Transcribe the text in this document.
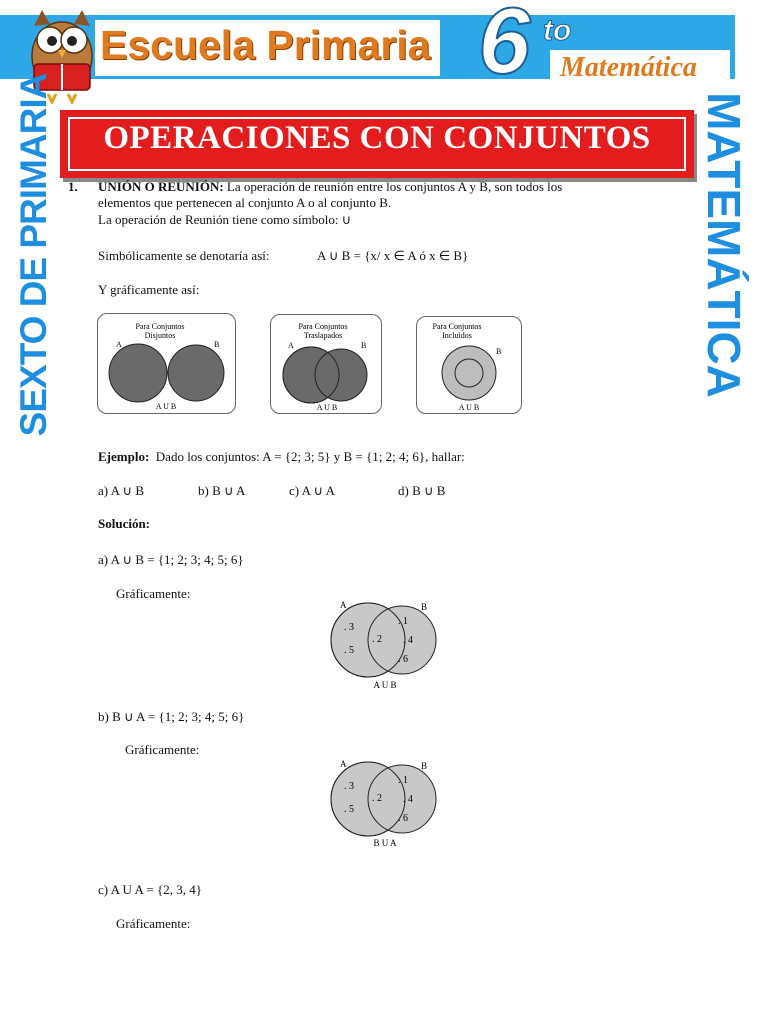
Escuela Primaria 6 to
Matemática
SEXTO DE PRIMARIA	MATEMÁTICA
OPERACIONES CON CONJUNTOS
1. UNIÓN O REUNIÓN: La operación de reunión entre los conjuntos A y B, son todos los
elementos que pertenecen al conjunto A o al conjunto B.
La operación de Reunión tiene como símbolo: ∪
Simbólicamente se denotaría así:	A ∪ B = {x/ x ∈ A ó x ∈ B}
Y gráficamente así:
Para Conjuntos
Disjuntos
A	B
A U B
Para Conjuntos
Traslapados
A	B
A U B
Para Conjuntos
Incluidos
B
A U B
Ejemplo: Dado los conjuntos: A = {2; 3; 5} y B = {1; 2; 4; 6}, hallar:
a) A ∪ B	b) B ∪ A	c) A ∪ A	d) B ∪ B
Solución:
a) A ∪ B = {1; 2; 3; 4; 5; 6}
Gráficamente:
A	B
. 3
. 5
. 2
. 1
. 4
. 6
A U B
b) B ∪ A = {1; 2; 3; 4; 5; 6}
Gráficamente:
A	B
. 3
. 5
. 2
. 1
. 4
. 6
B U A
c) A U A = {2, 3, 4}
Gráficamente:
